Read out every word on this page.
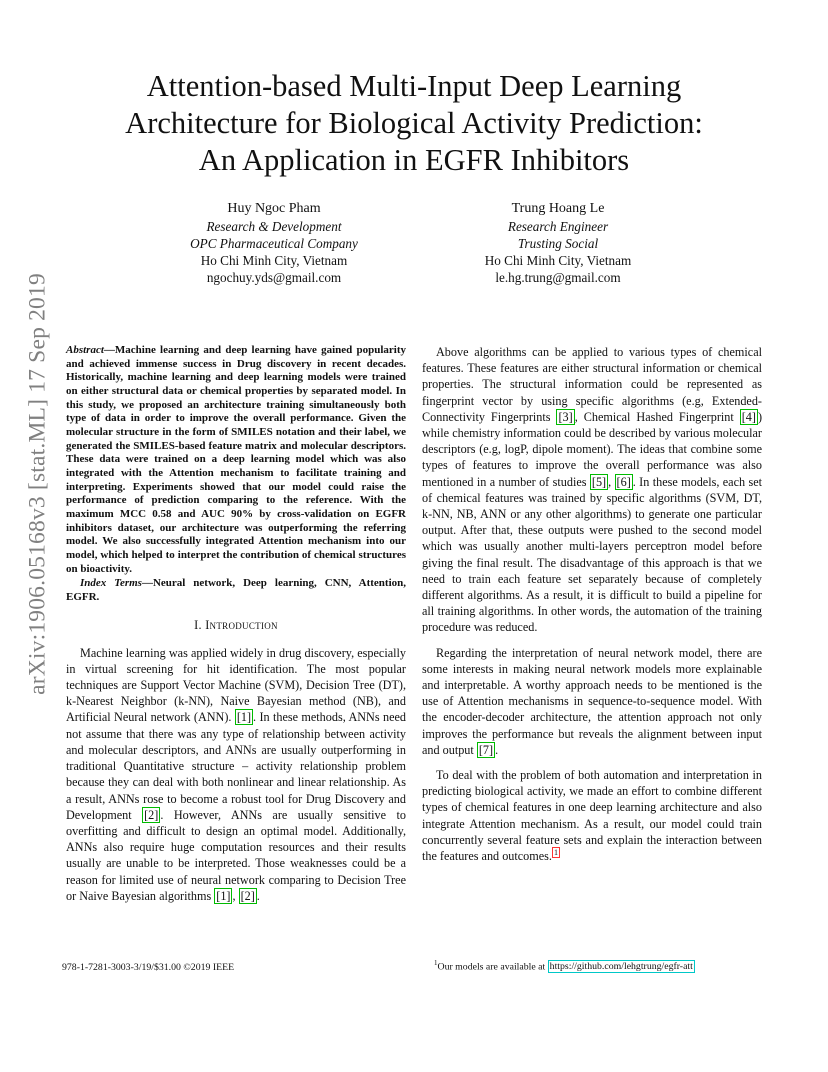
Attention-based Multi-Input Deep Learning
Architecture for Biological Activity Prediction:
An Application in EGFR Inhibitors
Huy Ngoc Pham
Research & Development
OPC Pharmaceutical Company
Ho Chi Minh City, Vietnam
ngochuy.yds@gmail.com
Trung Hoang Le
Research Engineer
Trusting Social
Ho Chi Minh City, Vietnam
le.hg.trung@gmail.com
arXiv:1906.05168v3 [stat.ML] 17 Sep 2019 Abstract—Machine learning and deep learning have gained popularity and achieved immense success in Drug discovery in recent decades. Historically, machine learning and deep learning models were trained on either structural data or chemical properties by separated model. In this study, we proposed an architecture training simultaneously both type of data in order to improve the overall performance. Given the molecular structure in the form of SMILES notation and their label, we generated the SMILES-based feature matrix and molecular descriptors. These data were trained on a deep learning model which was also integrated with the Attention mechanism to facilitate training and interpreting. Experiments showed that our model could raise the performance of prediction comparing to the reference. With the maximum MCC 0.58 and AUC 90% by cross-validation on EGFR inhibitors dataset, our architecture was outperforming the referring model. We also successfully integrated Attention mechanism into our model, which helped to interpret the contribution of chemical structures on bioactivity.

Index Terms—Neural network, Deep learning, CNN, Attention, EGFR.

I. Introduction

Machine learning was applied widely in drug discovery, especially in virtual screening for hit identification. The most popular techniques are Support Vector Machine (SVM), Decision Tree (DT), k-Nearest Neighbor (k-NN), Naive Bayesian method (NB), and Artificial Neural network (ANN). [1] . In these methods, ANNs need not assume that there was any type of relationship between activity and molecular descriptors, and ANNs are usually outperforming in traditional Quantitative structure – activity relationship problem because they can deal with both nonlinear and linear relationship. As a result, ANNs rose to become a robust tool for Drug Discovery and Development [2] . However, ANNs are usually sensitive to overfitting and difficult to design an optimal model. Additionally, ANNs also require huge computation resources and their results usually are unable to be interpreted. Those weaknesses could be a reason for limited use of neural network comparing to Decision Tree or Naive Bayesian algorithms [1] , [2] .

Above algorithms can be applied to various types of chemical features. These features are either structural information or chemical properties. The structural information could be represented as fingerprint vector by using specific algorithms (e.g, Extended-Connectivity Fingerprints [3] , Chemical Hashed Fingerprint [4] ) while chemistry information could be described by various molecular descriptors (e.g, logP, dipole moment). The ideas that combine some types of features to improve the overall performance was also mentioned in a number of studies [5] , [6] . In these models, each set of chemical features was trained by specific algorithms (SVM, DT, k-NN, NB, ANN or any other algorithms) to generate one particular output. After that, these outputs were pushed to the second model which was usually another multi-layers perceptron model before giving the final result. The disadvantage of this approach is that we need to train each feature set separately because of completely different algorithms. As a result, it is difficult to build a pipeline for all training algorithms. In other words, the automation of the training procedure was reduced.

Regarding the interpretation of neural network model, there are some interests in making neural network models more explainable and interpretable. A worthy approach needs to be mentioned is the use of Attention mechanisms in sequence-to-sequence model. With the encoder-decoder architecture, the attention approach not only improves the performance but reveals the alignment between input and output [7] .

To deal with the problem of both automation and interpretation in predicting biological activity, we made an effort to combine different types of chemical features in one deep learning architecture and also integrate Attention mechanism. As a result, our model could train concurrently several feature sets and explain the interaction between the features and outcomes. $^1$

978-1-7281-3003-3/19/$31.00 ©2019 IEEE	$^1$Our models are available at https://github.com/lehgtrung/egfr-att
